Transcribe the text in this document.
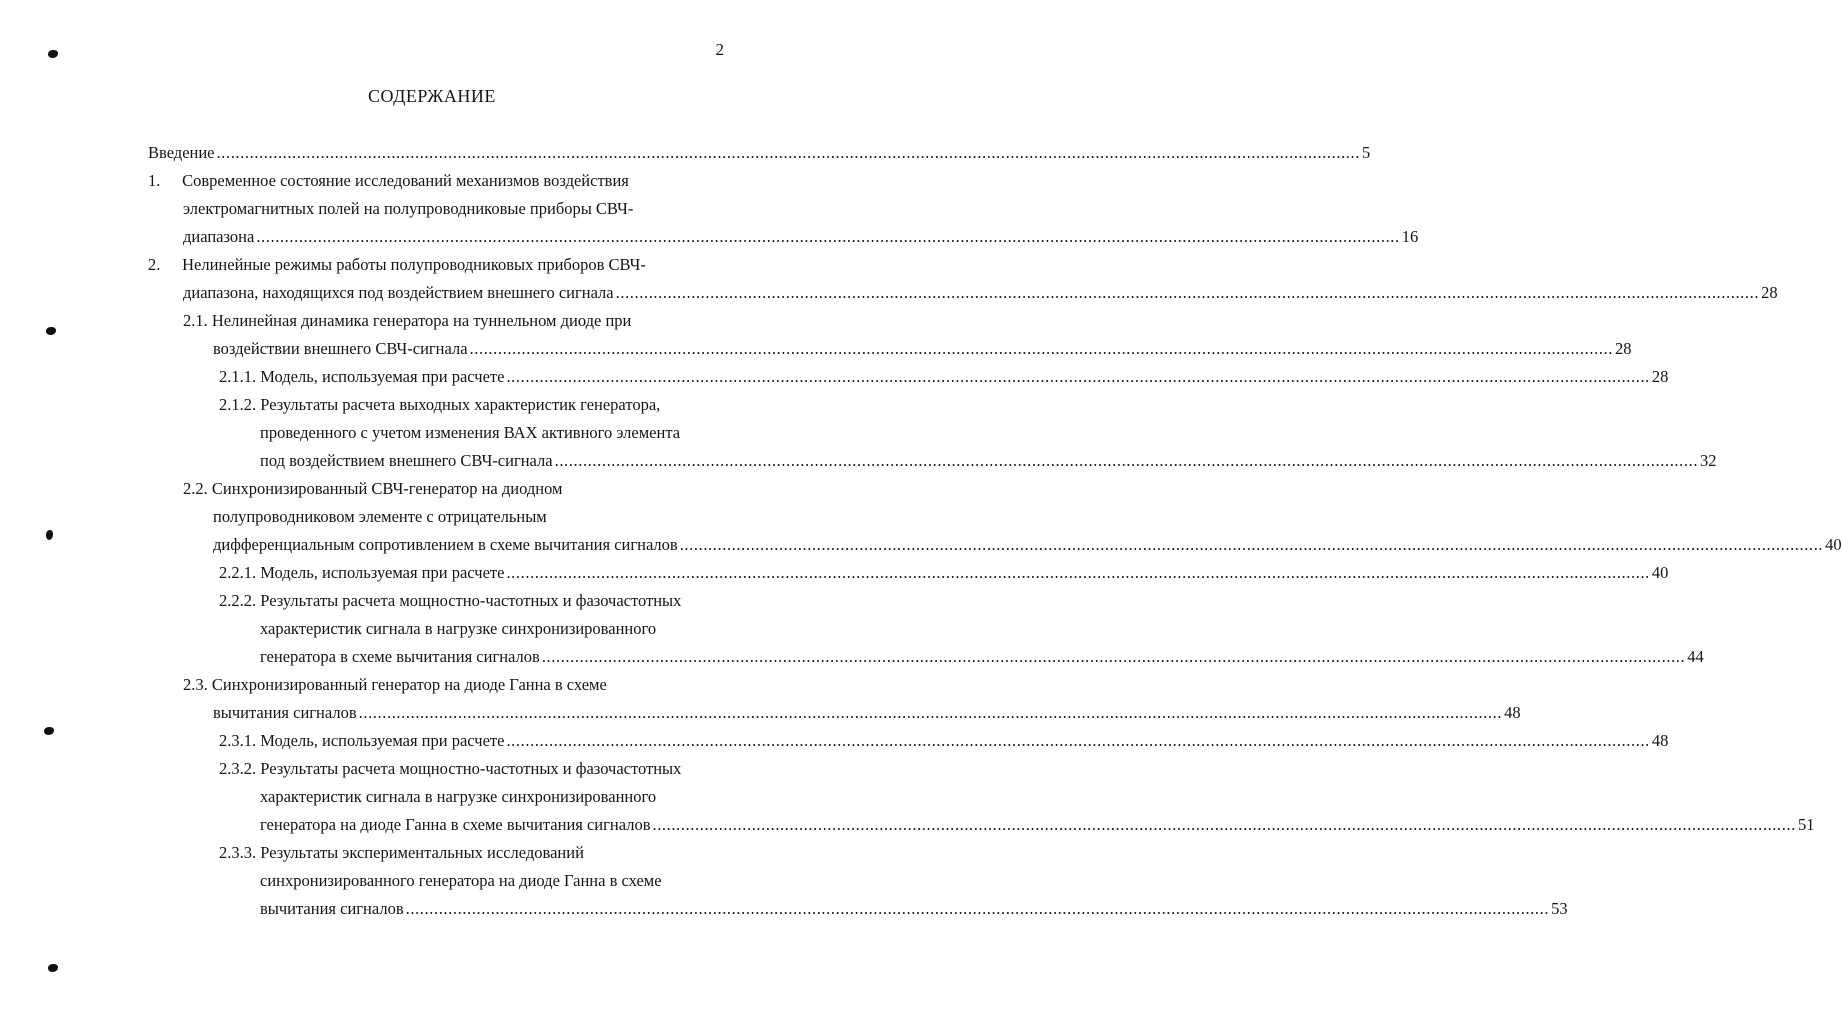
2
СОДЕРЖАНИЕ
Введение .................................................................................................................................................................................................................................................. 5
1. Современное состояние исследований механизмов воздействия
электромагнитных полей на полупроводниковые приборы СВЧ-
диапазона .................................................................................................................................................................................................................................................. 16
2. Нелинейные режимы работы полупроводниковых приборов СВЧ-
диапазона, находящихся под воздействием внешнего сигнала .................................................................................................................................................................................................................................................. 28
2.1. Нелинейная динамика генератора на туннельном диоде при
воздействии внешнего СВЧ-сигнала .................................................................................................................................................................................................................................................. 28
2.1.1. Модель, используемая при расчете .................................................................................................................................................................................................................................................. 28
2.1.2. Результаты расчета выходных характеристик генератора,
проведенного с учетом изменения ВАХ активного элемента
под воздействием внешнего СВЧ-сигнала .................................................................................................................................................................................................................................................. 32
2.2. Синхронизированный СВЧ-генератор на диодном
полупроводниковом элементе с отрицательным
дифференциальным сопротивлением в схеме вычитания сигналов .................................................................................................................................................................................................................................................. 40
2.2.1. Модель, используемая при расчете .................................................................................................................................................................................................................................................. 40
2.2.2. Результаты расчета мощностно-частотных и фазочастотных
характеристик сигнала в нагрузке синхронизированного
генератора в схеме вычитания сигналов .................................................................................................................................................................................................................................................. 44
2.3. Синхронизированный генератор на диоде Ганна в схеме
вычитания сигналов .................................................................................................................................................................................................................................................. 48
2.3.1. Модель, используемая при расчете .................................................................................................................................................................................................................................................. 48
2.3.2. Результаты расчета мощностно-частотных и фазочастотных
характеристик сигнала в нагрузке синхронизированного
генератора на диоде Ганна в схеме вычитания сигналов .................................................................................................................................................................................................................................................. 51
2.3.3. Результаты экспериментальных исследований
синхронизированного генератора на диоде Ганна в схеме
вычитания сигналов .................................................................................................................................................................................................................................................. 53
